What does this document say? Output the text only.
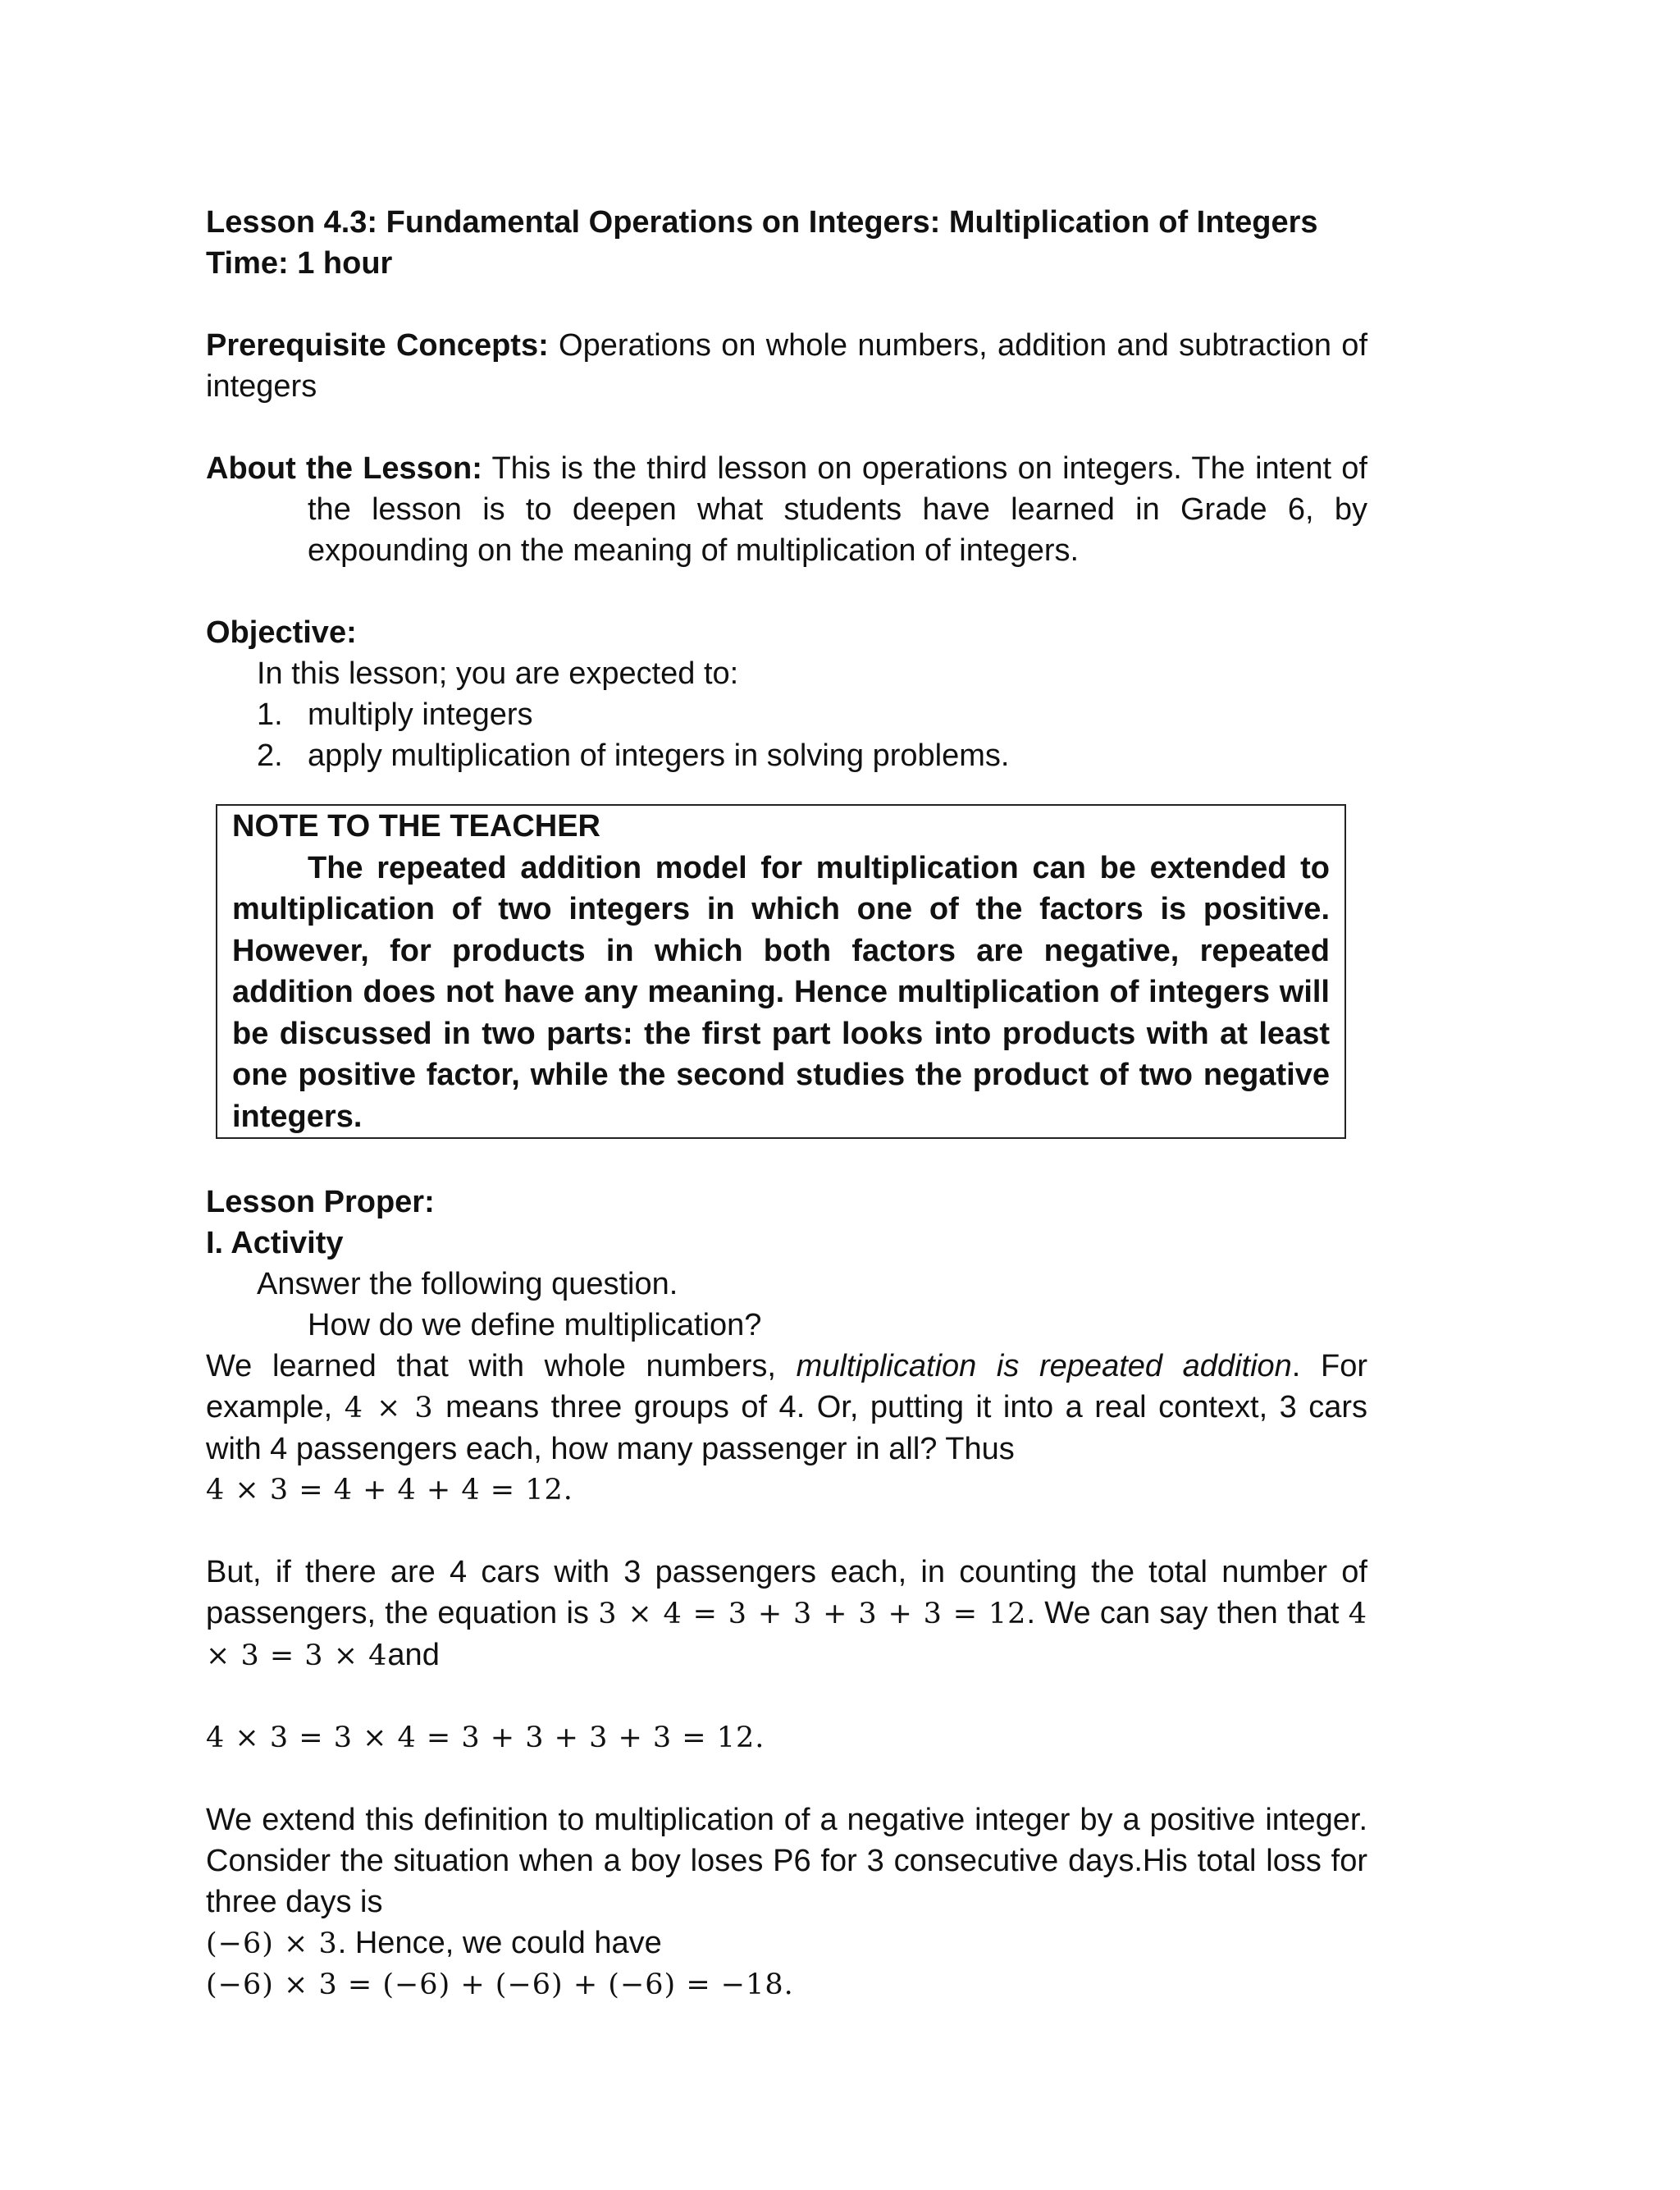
Lesson 4.3: Fundamental Operations on Integers: Multiplication of Integers
Time: 1 hour
Prerequisite Concepts: Operations on whole numbers, addition and subtraction of integers
About the Lesson: This is the third lesson on operations on integers. The intent of
the lesson is to deepen what students have learned in Grade 6, by expounding on the meaning of multiplication of integers.
Objective:
In this lesson; you are expected to:
1. multiply integers
2. apply multiplication of integers in solving problems.
NOTE TO THE TEACHER
The repeated addition model for multiplication can be extended to multiplication of two integers in which one of the factors is positive. However, for products in which both factors are negative, repeated addition does not have any meaning. Hence multiplication of integers will be discussed in two parts: the first part looks into products with at least one positive factor, while the second studies the product of two negative integers.
Lesson Proper:
I. Activity
Answer the following question.
How do we define multiplication?
We learned that with whole numbers, multiplication is repeated addition. For example, 4 × 3 means three groups of 4. Or, putting it into a real context, 3 cars with 4 passengers each, how many passenger in all? Thus
4 × 3 = 4 + 4 + 4 = 12.
But, if there are 4 cars with 3 passengers each, in counting the total number of passengers, the equation is 3 × 4 = 3 + 3 + 3 + 3 = 12. We can say then that 4 × 3 = 3 × 4and
4 × 3 = 3 × 4 = 3 + 3 + 3 + 3 = 12.
We extend this definition to multiplication of a negative integer by a positive integer. Consider the situation when a boy loses P6 for 3 consecutive days.His total loss for three days is
(−6) × 3. Hence, we could have
(−6) × 3 = (−6) + (−6) + (−6) = −18.
